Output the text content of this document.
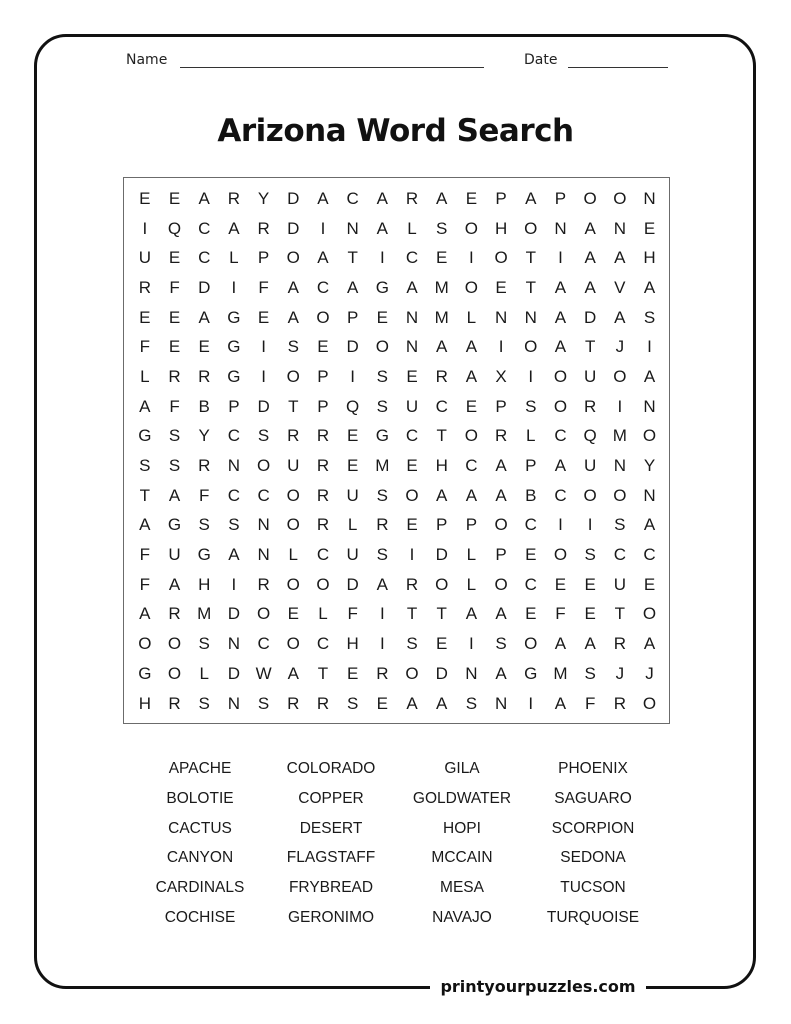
printyourpuzzles.com
Name	Date
Arizona Word Search
E	E	A	R	Y	D	A	C	A	R	A	E	P	A	P	O O N
I	Q C	A	R	D	I	N	A	L	S	O H O N	A	N	E
U	E	C	L	P	O	A	T	I	C	E	I	O	T	I	A	A	H
R	F	D	I	F	A	C	A	G	A M O	E	T	A	A	V	A
E	E	A	G	E	A	O	P	E	N M	L	N	N	A	D	A	S
F	E	E	G	I	S	E	D O N	A	A	I	O	A	T	J	I
L	R	R G	I	O	P	I	S	E	R	A	X	I	O U O	A
A	F	B	P	D	T	P	Q	S	U	C	E	P	S	O R	I	N
G	S	Y	C	S	R	R	E	G C	T	O R	L	C Q M O
S	S	R	N O U	R	E M E	H	C	A	P	A	U	N	Y
T	A	F	C	C O R	U	S	O	A	A	A	B	C O O N
A	G	S	S	N O R	L	R	E	P	P	O C	I	I	S	A
F	U G	A	N	L	C	U	S	I	D	L	P	E	O	S	C	C
F	A	H	I	R O O D	A	R O	L	O C	E	E	U	E
A	R M D O	E	L	F	I	T	T	A	A	E	F	E	T	O
O O	S	N	C O C	H	I	S	E	I	S	O	A	A	R	A
G O	L	D W A	T	E	R O D	N	A	G M S	J	J
H	R	S	N	S	R	R	S	E	A	A	S	N	I	A	F	R O
APACHE	COLORADO	GILA	PHOENIX
BOLOTIE	COPPER	GOLDWATER	SAGUARO
CACTUS	DESERT	HOPI	SCORPION
CANYON	FLAGSTAFF	MCCAIN	SEDONA
CARDINALS	FRYBREAD	MESA	TUCSON
COCHISE	GERONIMO	NAVAJO	TURQUOISE
